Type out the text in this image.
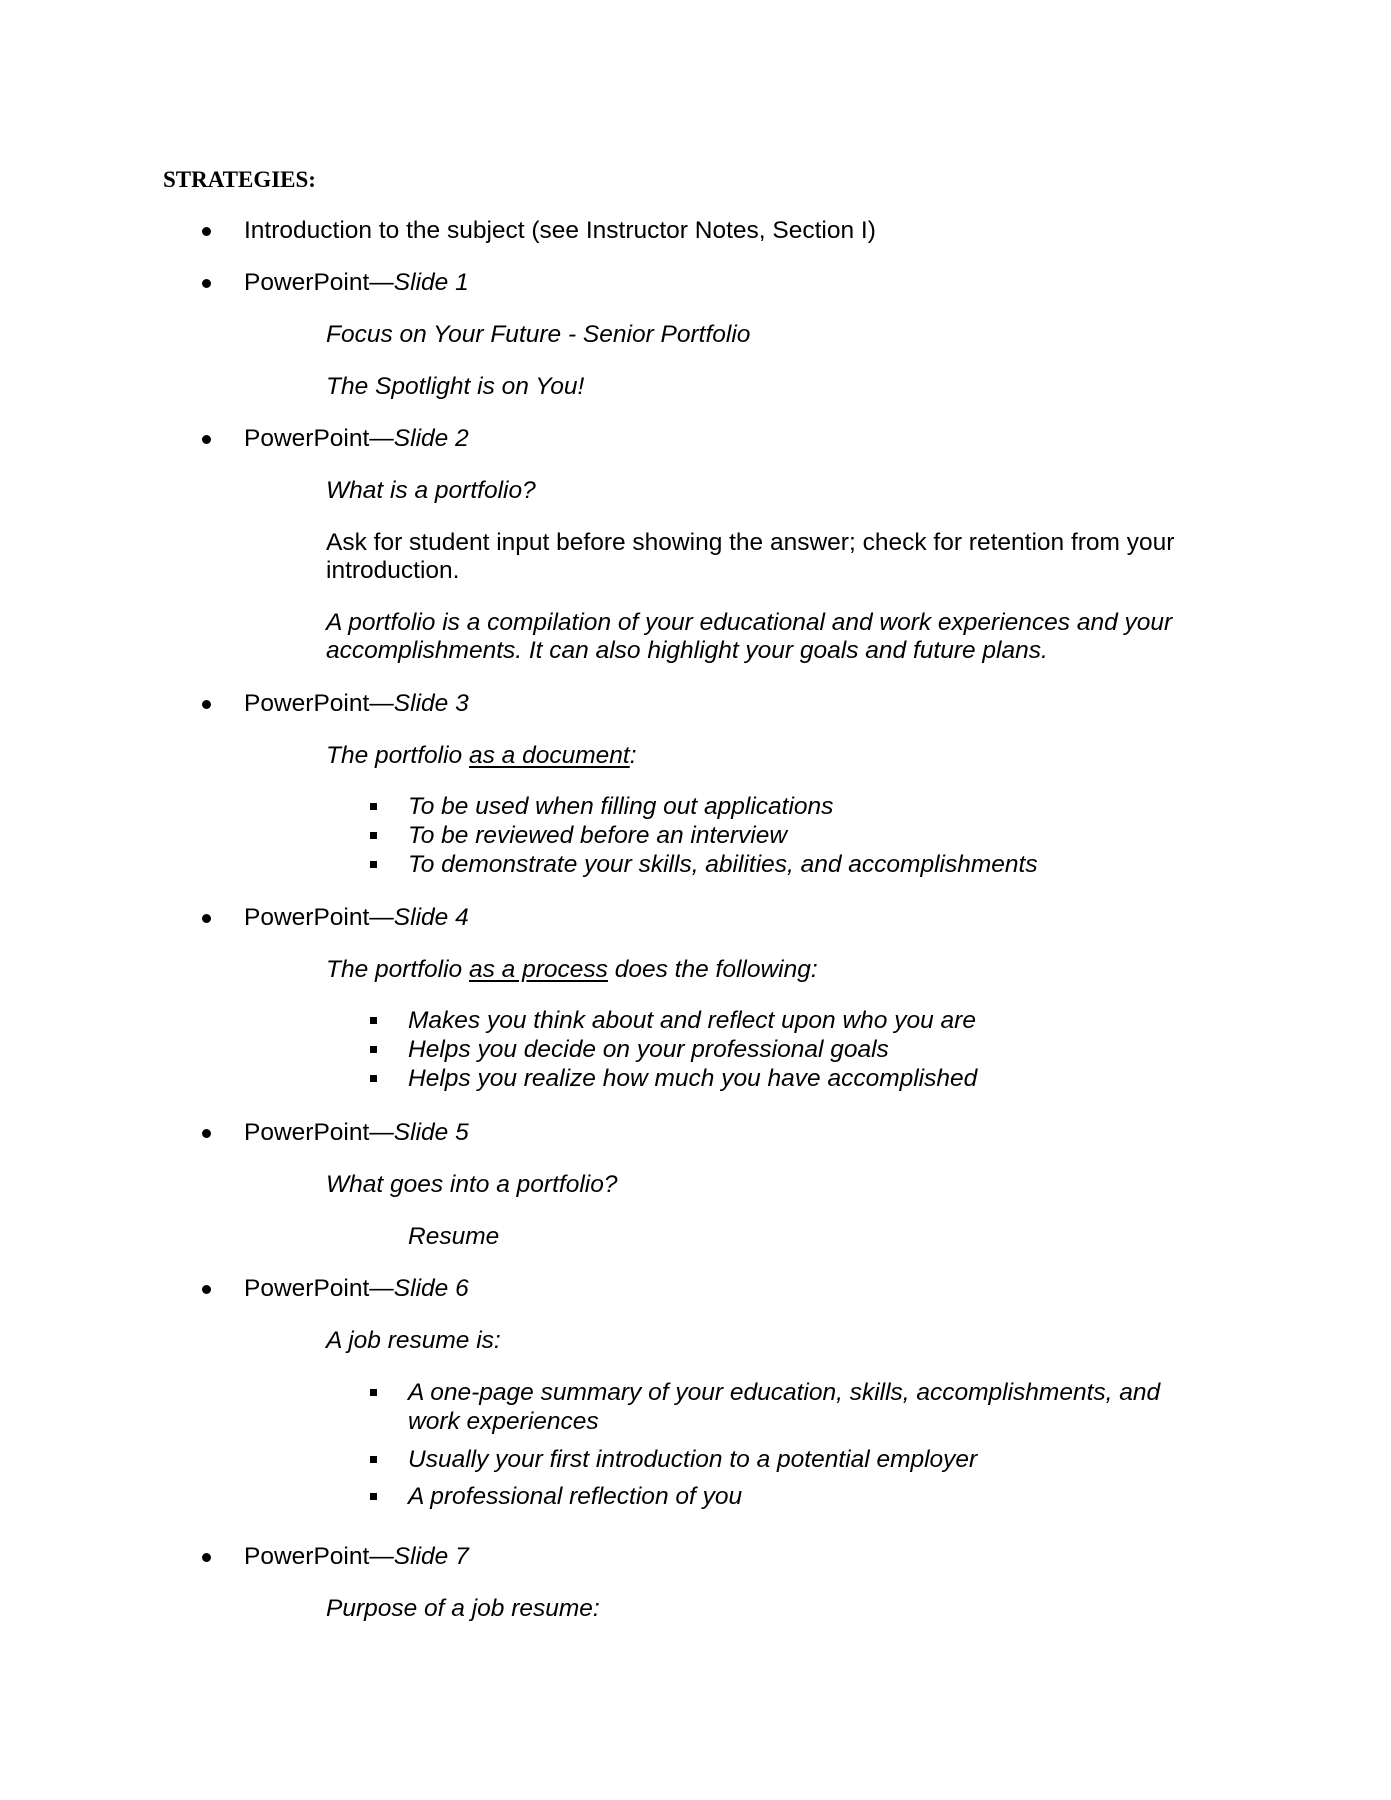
STRATEGIES:
Introduction to the subject (see Instructor Notes, Section I)
PowerPoint—Slide 1
Focus on Your Future - Senior Portfolio
The Spotlight is on You!
PowerPoint—Slide 2
What is a portfolio?
Ask for student input before showing the answer; check for retention from your
introduction.
A portfolio is a compilation of your educational and work experiences and your
accomplishments. It can also highlight your goals and future plans.
PowerPoint—Slide 3
The portfolio as a document:
To be used when filling out applications
To be reviewed before an interview
To demonstrate your skills, abilities, and accomplishments
PowerPoint—Slide 4
The portfolio as a process does the following:
Makes you think about and reflect upon who you are
Helps you decide on your professional goals
Helps you realize how much you have accomplished
PowerPoint—Slide 5
What goes into a portfolio?
Resume
PowerPoint—Slide 6
A job resume is:
A one-page summary of your education, skills, accomplishments, and
work experiences
Usually your first introduction to a potential employer
A professional reflection of you
PowerPoint—Slide 7
Purpose of a job resume:
